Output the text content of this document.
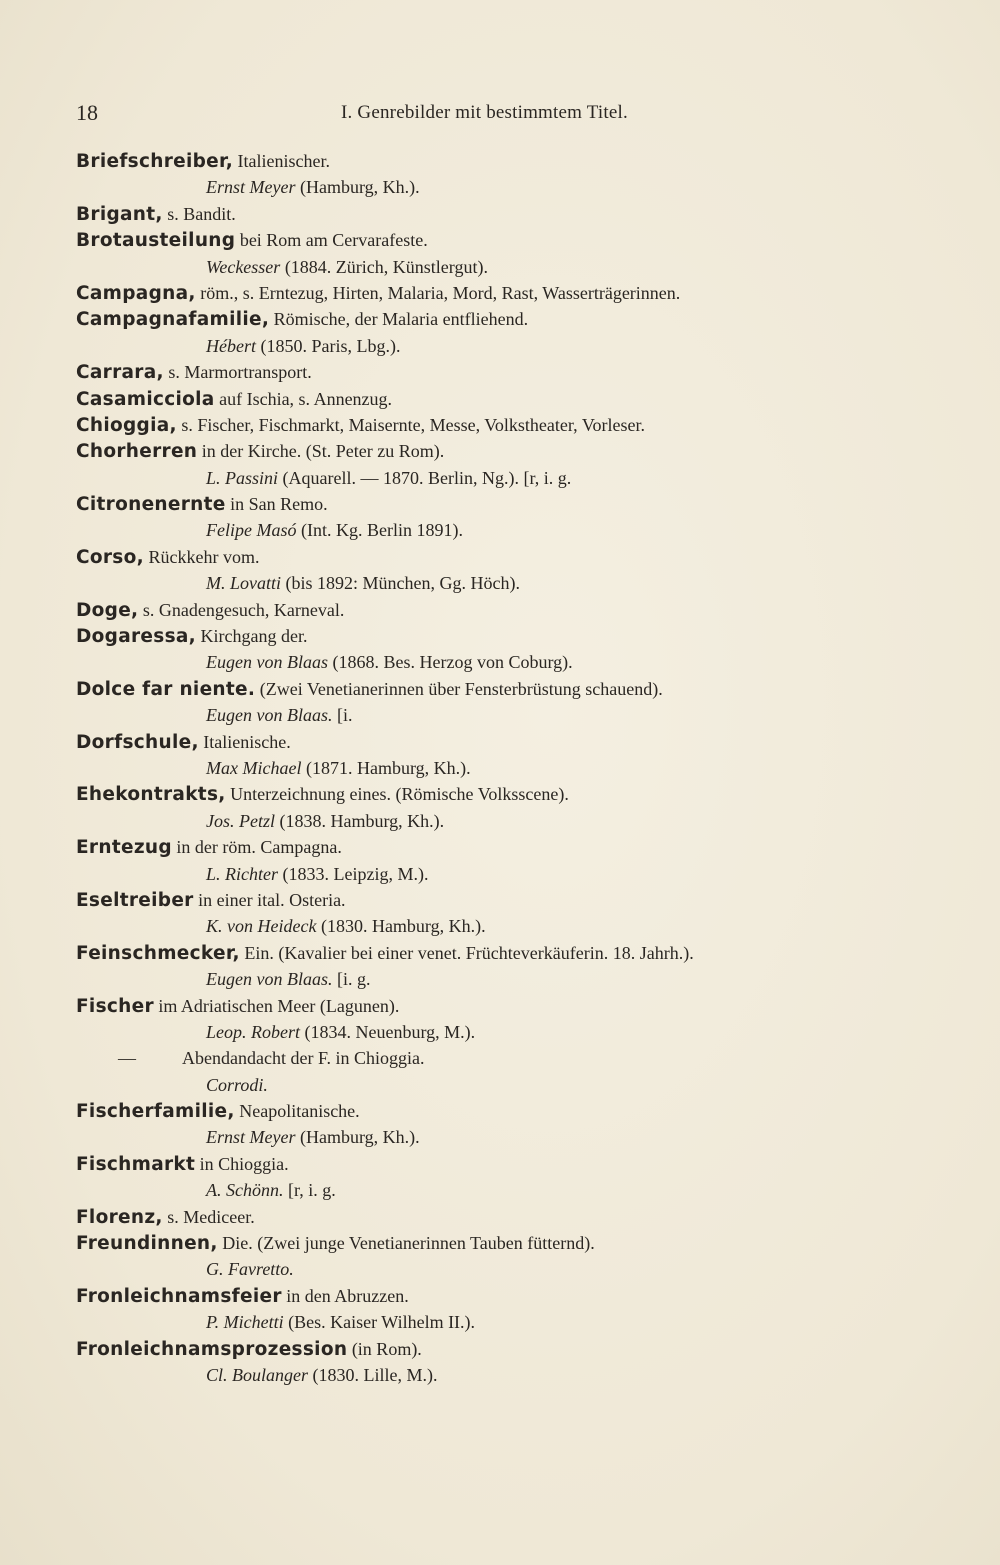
18	I. Genrebilder mit bestimmtem Titel.
Briefschreiber, Italienischer.
Ernst Meyer (Hamburg, Kh.).
Brigant, s. Bandit.
Brotausteilung bei Rom am Cervarafeste.
Weckesser (1884. Zürich, Künstlergut).
Campagna, röm., s. Erntezug, Hirten, Malaria, Mord, Rast, Wasserträgerinnen.
Campagnafamilie, Römische, der Malaria entfliehend.
Hébert (1850. Paris, Lbg.).
Carrara, s. Marmortransport.
Casamicciola auf Ischia, s. Annenzug.
Chioggia, s. Fischer, Fischmarkt, Maisernte, Messe, Volkstheater, Vorleser.
Chorherren in der Kirche. (St. Peter zu Rom).
L. Passini (Aquarell. — 1870. Berlin, Ng.). [r, i. g.
Citronenernte in San Remo.
Felipe Masó (Int. Kg. Berlin 1891).
Corso, Rückkehr vom.
M. Lovatti (bis 1892: München, Gg. Höch).
Doge, s. Gnadengesuch, Karneval.
Dogaressa, Kirchgang der.
Eugen von Blaas (1868. Bes. Herzog von Coburg).
Dolce far niente. (Zwei Venetianerinnen über Fensterbrüstung schauend).
Eugen von Blaas. [i.
Dorfschule, Italienische.
Max Michael (1871. Hamburg, Kh.).
Ehekontrakts, Unterzeichnung eines. (Römische Volksscene).
Jos. Petzl (1838. Hamburg, Kh.).
Erntezug in der röm. Campagna.
L. Richter (1833. Leipzig, M.).
Eseltreiber in einer ital. Osteria.
K. von Heideck (1830. Hamburg, Kh.).
Feinschmecker, Ein. (Kavalier bei einer venet. Früchteverkäuferin. 18. Jahrh.).
Eugen von Blaas. [i. g.
Fischer im Adriatischen Meer (Lagunen).
Leop. Robert (1834. Neuenburg, M.).
—	Abendandacht der F. in Chioggia.
Corrodi.
Fischerfamilie, Neapolitanische.
Ernst Meyer (Hamburg, Kh.).
Fischmarkt in Chioggia.
A. Schönn. [r, i. g.
Florenz, s. Mediceer.
Freundinnen, Die. (Zwei junge Venetianerinnen Tauben fütternd).
G. Favretto.
Fronleichnamsfeier in den Abruzzen.
P. Michetti (Bes. Kaiser Wilhelm II.).
Fronleichnamsprozession (in Rom).
Cl. Boulanger (1830. Lille, M.).
